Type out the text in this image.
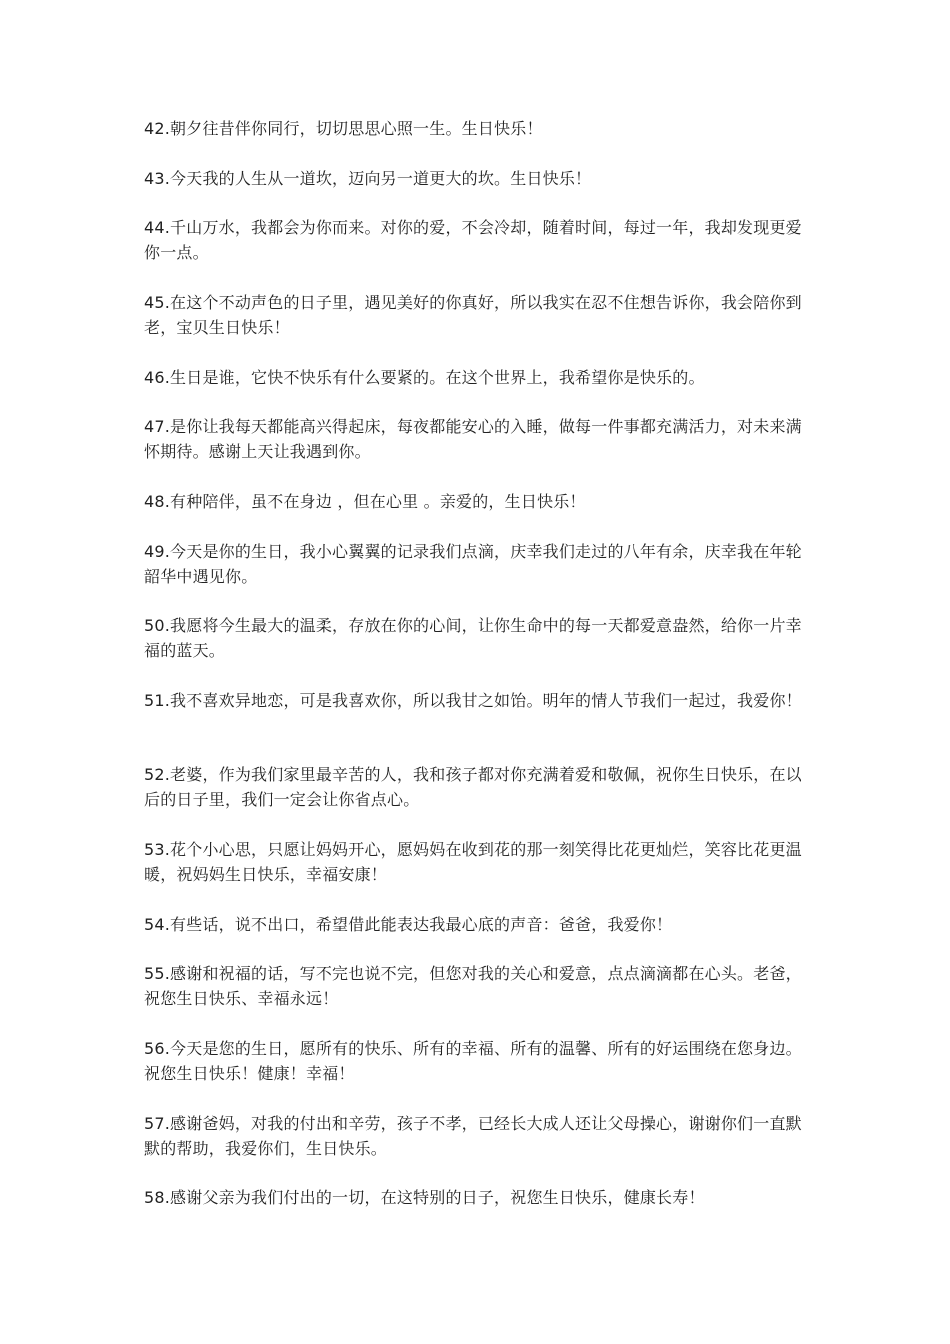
42.朝夕往昔伴你同行，切切思思心照一生。生日快乐！

43.今天我的人生从一道坎，迈向另一道更大的坎。生日快乐！

44.千山万水，我都会为你而来。对你的爱，不会冷却，随着时间，每过一年，我却发现更爱你一点。

45.在这个不动声色的日子里，遇见美好的你真好，所以我实在忍不住想告诉你，我会陪你到老，宝贝生日快乐！

46.生日是谁，它快不快乐有什么要紧的。在这个世界上，我希望你是快乐的。

47.是你让我每天都能高兴得起床，每夜都能安心的入睡，做每一件事都充满活力，对未来满怀期待。感谢上天让我遇到你。

48.有种陪伴，虽不在身边 ，但在心里 。亲爱的，生日快乐！

49.今天是你的生日，我小心翼翼的记录我们点滴，庆幸我们走过的八年有余，庆幸我在年轮韶华中遇见你。

50.我愿将今生最大的温柔，存放在你的心间，让你生命中的每一天都爱意盎然，给你一片幸福的蓝天。

51.我不喜欢异地恋，可是我喜欢你，所以我甘之如饴。明年的情人节我们一起过，我爱你！

52.老婆，作为我们家里最辛苦的人，我和孩子都对你充满着爱和敬佩，祝你生日快乐，在以后的日子里，我们一定会让你省点心。

53.花个小心思，只愿让妈妈开心，愿妈妈在收到花的那一刻笑得比花更灿烂，笑容比花更温暖，祝妈妈生日快乐，幸福安康！

54.有些话，说不出口，希望借此能表达我最心底的声音：爸爸，我爱你！

55.感谢和祝福的话，写不完也说不完，但您对我的关心和爱意，点点滴滴都在心头。老爸，祝您生日快乐、幸福永远！

56.今天是您的生日，愿所有的快乐、所有的幸福、所有的温馨、所有的好运围绕在您身边。祝您生日快乐！健康！幸福！

57.感谢爸妈，对我的付出和辛劳，孩子不孝，已经长大成人还让父母操心，谢谢你们一直默默的帮助，我爱你们，生日快乐。

58.感谢父亲为我们付出的一切，在这特别的日子，祝您生日快乐，健康长寿！
